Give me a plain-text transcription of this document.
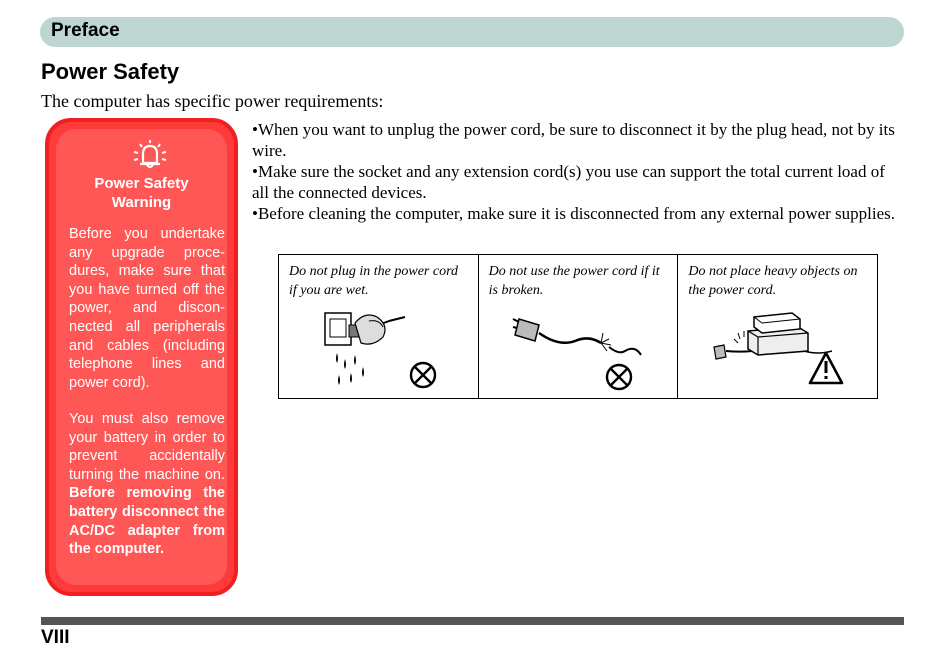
Preface
Power Safety
The computer has specific power requirements:
Power Safety
Warning
Before you undertake any upgrade procedures, make sure that you have turned off the power, and disconnected all peripherals and cables (including telephone lines and power cord).
You must also remove your battery in order to prevent accidentally turning the machine on. Before removing the battery disconnect the AC/DC adapter from the computer.

•When you want to unplug the power cord, be sure to disconnect it by the plug head, not by its wire.

•Make sure the socket and any extension cord(s) you use can support the total current load of all the connected devices.

•Before cleaning the computer, make sure it is disconnected from any external power supplies.

Do not plug in the power cord if you are wet.
Do not use the power cord if it is broken.
Do not place heavy objects on the power cord.
VIII
